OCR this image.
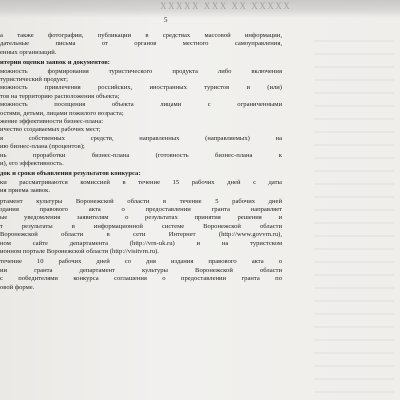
XXXXX XXX XX XXXXX
5
а также фотографии, публикации в средствах массовой информации,
дательные письма от органов местного самоуправления,
енных организаций.
итерии оценки заявок и документов:
можность формирования туристического продукта либо включения
туристический продукт;
можность привлечения российских, иностранных туристов и (или)
тов на территорию расположения объекта;
можность посещения объекта лицами с ограниченными
остями, детьми, лицами пожилого возраста;
жение эффективности бизнес-плана:
ичество создаваемых рабочих мест;
я собственных средств, направленных (направляемых) на
ию бизнес-плана (процентов);
нь проработки бизнес-плана (готовность бизнес-плана к
и), его эффективность.
док и сроки объявления результатов конкурса:
ки рассматриваются комиссией в течение 15 рабочих дней с даты
ия приема заявок.
ртамент культуры Воронежской области в течение 5 рабочих дней
здания правового акта о предоставлении гранта направляет
ые уведомления заявителям о результатах принятия решения и
т результаты в информационной системе Воронежской области
Воронежской области в сети Интернет (http://www.govvrn.ru),
ном сайте департамента (http://vrn-uk.ru) и на туристском
ионном портале Воронежской области (http://visitvrn.ru).
течение 10 рабочих дней со дня издания правового акта о
ии гранта департамент культуры Воронежской области
с победителями конкурса соглашения о предоставлении гранта по
овой форме.
